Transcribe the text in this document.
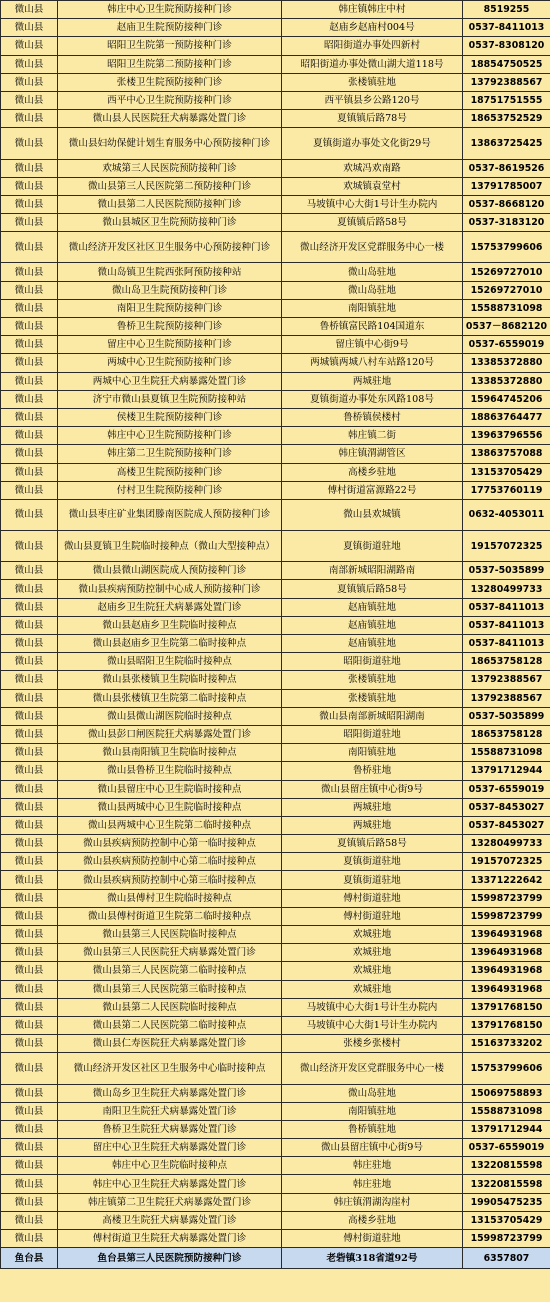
微山县	韩庄中心卫生院预防接种门诊	韩庄镇韩庄中村	8519255
微山县	赵庙卫生院预防接种门诊	赵庙乡赵庙村004号	0537-8411013
微山县	昭阳卫生院第一预防接种门诊	昭阳街道办事处四新村	0537-8308120
微山县	昭阳卫生院第二预防接种门诊	昭阳街道办事处微山湖大道118号	18854750525
微山县	张楼卫生院预防接种门诊	张楼镇驻地	13792388567
微山县	西平中心卫生院预防接种门诊	西平镇县乡公路120号	18751751555
微山县	微山县人民医院狂犬病暴露处置门诊	夏镇镇后路78号	18653752529
微山县	微山县妇幼保健计划生育服务中心预防接种门诊	夏镇街道办事处文化街29号	13863725425
微山县	欢城第三人民医院预防接种门诊	欢城冯欢南路	0537-8619526
微山县	微山县第三人民医院第二预防接种门诊	欢城镇袁堂村	13791785007
微山县	微山县第二人民医院预防接种门诊	马坡镇中心大街1号计生办院内	0537-8668120
微山县	微山县城区卫生院预防接种门诊	夏镇镇后路58号	0537-3183120
微山县	微山经济开发区社区卫生服务中心预防接种门诊	微山经济开发区党群服务中心一楼	15753799606
微山县	微山岛镇卫生院西张阿预防接种站	微山岛驻地	15269727010
微山县	微山岛卫生院预防接种门诊	微山岛驻地	15269727010
微山县	南阳卫生院预防接种门诊	南阳镇驻地	15588731098
微山县	鲁桥卫生院预防接种门诊	鲁桥镇富民路104国道东	0537－8682120
微山县	留庄中心卫生院预防接种门诊	留庄镇中心街9号	0537-6559019
微山县	两城中心卫生院预防接种门诊	两城镇两城八村车站路120号	13385372880
微山县	两城中心卫生院狂犬病暴露处置门诊	两城驻地	13385372880
微山县	济宁市微山县夏镇卫生院预防接种站	夏镇街道办事处东风路108号	15964745206
微山县	侯楼卫生院预防接种门诊	鲁桥镇侯楼村	18863764477
微山县	韩庄中心卫生院预防接种门诊	韩庄镇二街	13963796556
微山县	韩庄第二卫生院预防接种门诊	韩庄镇渭湖管区	13863757088
微山县	高楼卫生院预防接种门诊	高楼乡驻地	13153705429
微山县	付村卫生院预防接种门诊	傅村街道富源路22号	17753760119
微山县	微山县枣庄矿业集团滕南医院成人预防接种门诊	微山县欢城镇	0632-4053011
微山县	微山县夏镇卫生院临时接种点（微山大型接种点）	夏镇街道驻地	19157072325
微山县	微山县微山湖医院成人预防接种门诊	南部新城昭阳湖路南	0537-5035899
微山县	微山县疾病预防控制中心成人预防接种门诊	夏镇镇后路58号	13280499733
微山县	赵庙乡卫生院狂犬病暴露处置门诊	赵庙镇驻地	0537-8411013
微山县	微山县赵庙乡卫生院临时接种点	赵庙镇驻地	0537-8411013
微山县	微山县赵庙乡卫生院第二临时接种点	赵庙镇驻地	0537-8411013
微山县	微山县昭阳卫生院临时接种点	昭阳街道驻地	18653758128
微山县	微山县张楼镇卫生院临时接种点	张楼镇驻地	13792388567
微山县	微山县张楼镇卫生院第二临时接种点	张楼镇驻地	13792388567
微山县	微山县微山湖医院临时接种点	微山县南部新城昭阳湖南	0537-5035899
微山县	微山县彭口闸医院狂犬病暴露处置门诊	昭阳街道驻地	18653758128
微山县	微山县南阳镇卫生院临时接种点	南阳镇驻地	15588731098
微山县	微山县鲁桥卫生院临时接种点	鲁桥驻地	13791712944
微山县	微山县留庄中心卫生院临时接种点	微山县留庄镇中心街9号	0537-6559019
微山县	微山县两城中心卫生院临时接种点	两城驻地	0537-8453027
微山县	微山县两城中心卫生院第二临时接种点	两城驻地	0537-8453027
微山县	微山县疾病预防控制中心第一临时接种点	夏镇镇后路58号	13280499733
微山县	微山县疾病预防控制中心第二临时接种点	夏镇街道驻地	19157072325
微山县	微山县疾病预防控制中心第三临时接种点	夏镇街道驻地	13371222642
微山县	微山县傅村卫生院临时接种点	傅村街道驻地	15998723799
微山县	微山县傅村街道卫生院第二临时接种点	傅村街道驻地	15998723799
微山县	微山县第三人民医院临时接种点	欢城驻地	13964931968
微山县	微山县第三人民医院狂犬病暴露处置门诊	欢城驻地	13964931968
微山县	微山县第三人民医院第二临时接种点	欢城驻地	13964931968
微山县	微山县第三人民医院第三临时接种点	欢城驻地	13964931968
微山县	微山县第二人民医院临时接种点	马坡镇中心大街1号计生办院内	13791768150
微山县	微山县第二人民医院第二临时接种点	马坡镇中心大街1号计生办院内	13791768150
微山县	微山县仁寿医院狂犬病暴露处置门诊	张楼乡张楼村	15163733202
微山县	微山经济开发区社区卫生服务中心临时接种点	微山经济开发区党群服务中心一楼	15753799606
微山县	微山岛乡卫生院狂犬病暴露处置门诊	微山岛驻地	15069758893
微山县	南阳卫生院狂犬病暴露处置门诊	南阳镇驻地	15588731098
微山县	鲁桥卫生院狂犬病暴露处置门诊	鲁桥镇驻地	13791712944
微山县	留庄中心卫生院狂犬病暴露处置门诊	微山县留庄镇中心街9号	0537-6559019
微山县	韩庄中心卫生院临时接种点	韩庄驻地	13220815598
微山县	韩庄中心卫生院狂犬病暴露处置门诊	韩庄驻地	13220815598
微山县	韩庄镇第二卫生院狂犬病暴露处置门诊	韩庄镇渭湖沟崖村	19905475235
微山县	高楼卫生院狂犬病暴露处置门诊	高楼乡驻地	13153705429
微山县	傅村街道卫生院狂犬病暴露处置门诊	傅村街道驻地	15998723799
鱼台县	鱼台县第三人民医院预防接种门诊	老砦镇318省道92号	6357807
